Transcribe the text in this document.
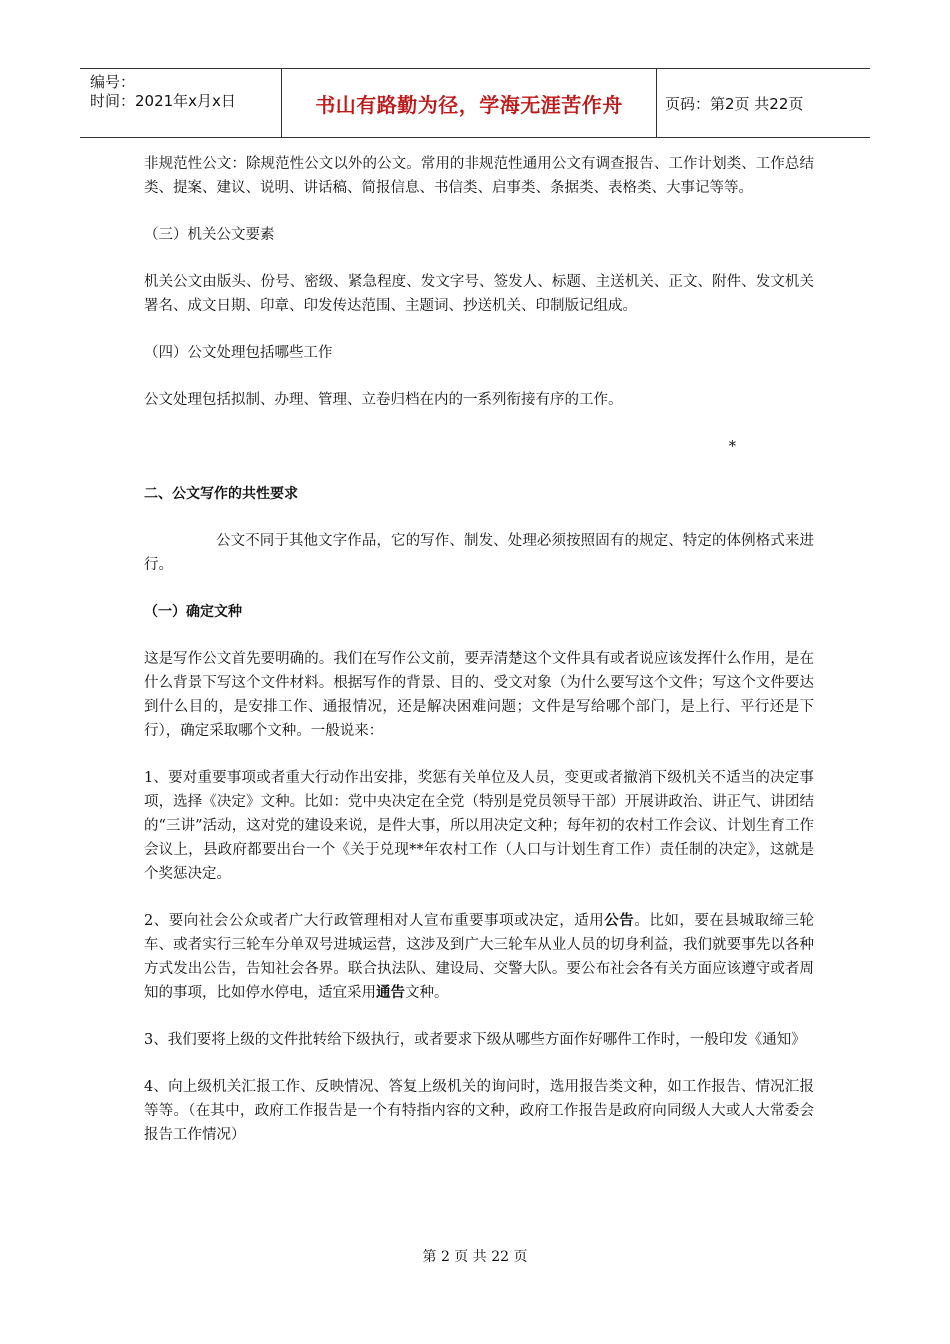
编号：
时间：2021年x月x日	书山有路勤为径，学海无涯苦作舟	页码：第2页 共22页

非规范性公文：除规范性公文以外的公文。常用的非规范性通用公文有调查报告、工作计划类、工作总结类、提案、建议、说明、讲话稿、简报信息、书信类、启事类、条据类、表格类、大事记等等。

（三）机关公文要素

机关公文由版头、份号、密级、紧急程度、发文字号、签发人、标题、主送机关、正文、附件、发文机关署名、成文日期、印章、印发传达范围、主题词、抄送机关、印制版记组成。

（四）公文处理包括哪些工作

公文处理包括拟制、办理、管理、立卷归档在内的一系列衔接有序的工作。

*

二、公文写作的共性要求

公文不同于其他文字作品，它的写作、制发、处理必须按照固有的规定、特定的体例格式来进行。

（一）确定文种

这是写作公文首先要明确的。我们在写作公文前，要弄清楚这个文件具有或者说应该发挥什么作用，是在什么背景下写这个文件材料。根据写作的背景、目的、受文对象（为什么要写这个文件；写这个文件要达到什么目的，是安排工作、通报情况，还是解决困难问题；文件是写给哪个部门，是上行、平行还是下行），确定采取哪个文种。一般说来：

1、要对重要事项或者重大行动作出安排，奖惩有关单位及人员，变更或者撤消下级机关不适当的决定事项，选择《决定》文种。比如：党中央决定在全党（特别是党员领导干部）开展讲政治、讲正气、讲团结的“三讲”活动，这对党的建设来说，是件大事，所以用决定文种；每年初的农村工作会议、计划生育工作会议上，县政府都要出台一个《关于兑现**年农村工作（人口与计划生育工作）责任制的决定》，这就是个奖惩决定。

2、要向社会公众或者广大行政管理相对人宣布重要事项或决定，适用公告。比如，要在县城取缔三轮车、或者实行三轮车分单双号进城运营，这涉及到广大三轮车从业人员的切身利益，我们就要事先以各种方式发出公告，告知社会各界。联合执法队、建设局、交警大队。要公布社会各有关方面应该遵守或者周知的事项，比如停水停电，适宜采用通告文种。

3、我们要将上级的文件批转给下级执行，或者要求下级从哪些方面作好哪件工作时，一般印发《通知》

4、向上级机关汇报工作、反映情况、答复上级机关的询问时，选用报告类文种，如工作报告、情况汇报等等。（在其中，政府工作报告是一个有特指内容的文种，政府工作报告是政府向同级人大或人大常委会报告工作情况）

第 2 页 共 22 页
